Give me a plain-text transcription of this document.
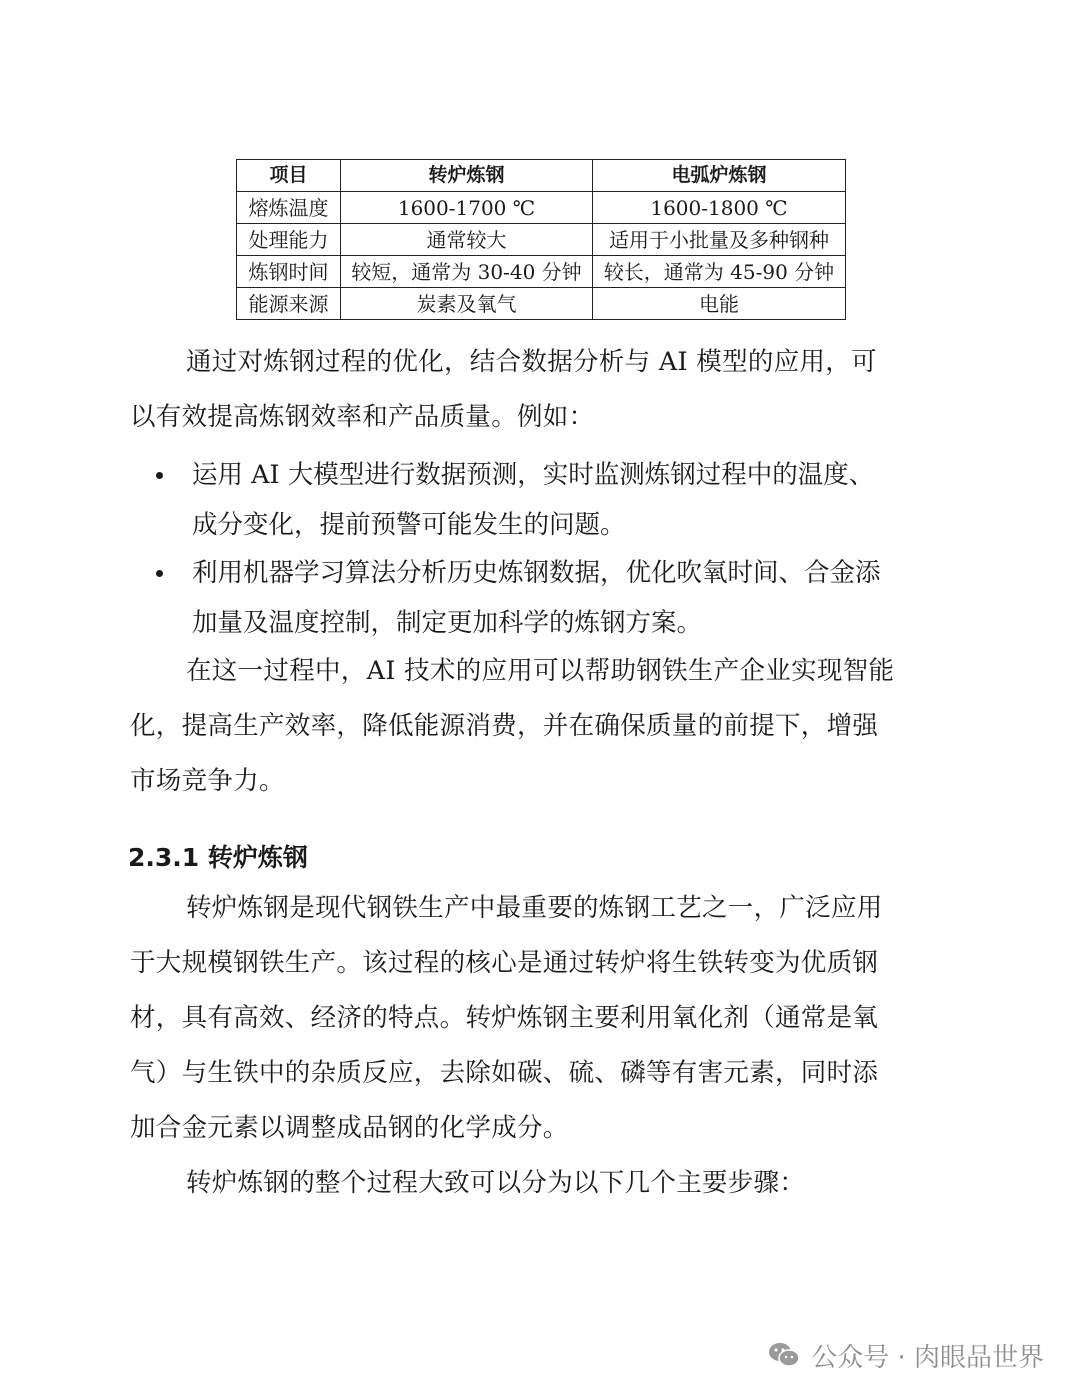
项目	转炉炼钢	电弧炉炼钢
熔炼温度	1600-1700 ℃	1600-1800 ℃
处理能力	通常较大	适用于小批量及多种钢种
炼钢时间	较短，通常为 30-40 分钟	较长，通常为 45-90 分钟
能源来源	炭素及氧气	电能

通过对炼钢过程的优化，结合数据分析与 AI 模型的应用，可
以有效提高炼钢效率和产品质量。例如：

运用 AI 大模型进行数据预测，实时监测炼钢过程中的温度、
成分变化，提前预警可能发生的问题。
利用机器学习算法分析历史炼钢数据，优化吹氧时间、合金添
加量及温度控制，制定更加科学的炼钢方案。

在这一过程中，AI 技术的应用可以帮助钢铁生产企业实现智能
化，提高生产效率，降低能源消费，并在确保质量的前提下，增强
市场竞争力。

2.3.1 转炉炼钢

转炉炼钢是现代钢铁生产中最重要的炼钢工艺之一，广泛应用
于大规模钢铁生产。该过程的核心是通过转炉将生铁转变为优质钢
材，具有高效、经济的特点。转炉炼钢主要利用氧化剂（通常是氧
气）与生铁中的杂质反应，去除如碳、硫、磷等有害元素，同时添
加合金元素以调整成品钢的化学成分。

转炉炼钢的整个过程大致可以分为以下几个主要步骤：

公众号 · 肉眼品世界
